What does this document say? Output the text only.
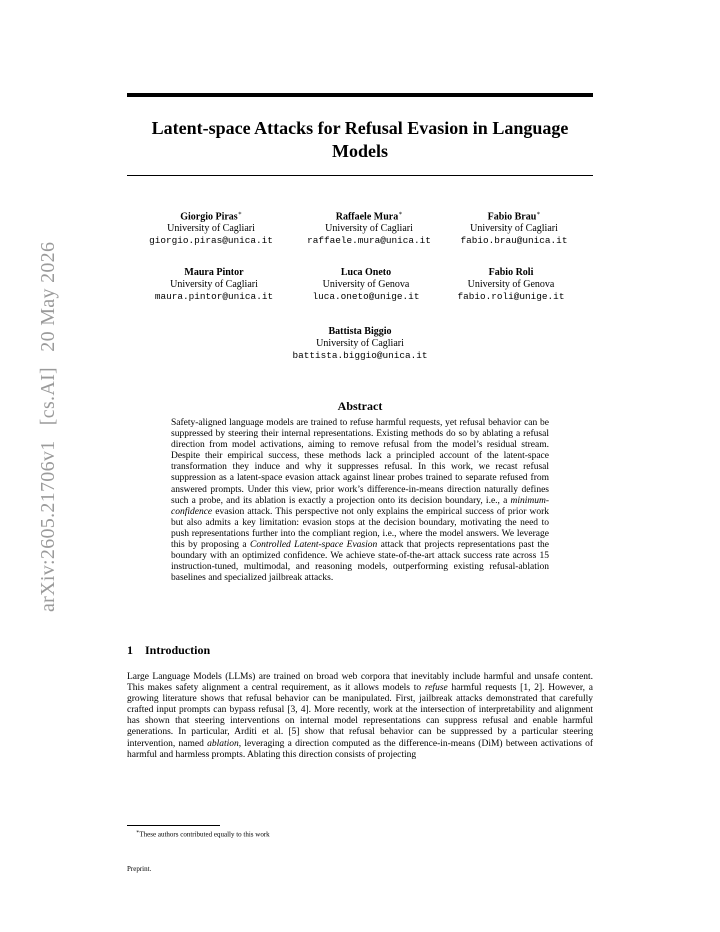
arXiv:2605.21706v1 [cs.AI] 20 May 2026
Latent-space Attacks for Refusal Evasion in Language
Models
Giorgio Piras∗
University of Cagliari
giorgio.piras@unica.it
Raffaele Mura∗
University of Cagliari
raffaele.mura@unica.it
Fabio Brau∗
University of Cagliari
fabio.brau@unica.it
Maura Pintor
University of Cagliari
maura.pintor@unica.it
Luca Oneto
University of Genova
luca.oneto@unige.it
Fabio Roli
University of Genova
fabio.roli@unige.it
Battista Biggio
University of Cagliari
battista.biggio@unica.it
Abstract
Safety-aligned language models are trained to refuse harmful requests, yet refusal behavior can be suppressed by steering their internal representations. Existing methods do so by ablating a refusal direction from model activations, aiming to remove refusal from the model’s residual stream. Despite their empirical success, these methods lack a principled account of the latent-space transformation they induce and why it suppresses refusal. In this work, we recast refusal suppression as a latent-space evasion attack against linear probes trained to separate refused from answered prompts. Under this view, prior work’s difference-in-means direction naturally defines such a probe, and its ablation is exactly a projection onto its decision boundary, i.e., a minimum-confidence evasion attack. This perspective not only explains the empirical success of prior work but also admits a key limitation: evasion stops at the decision boundary, motivating the need to push representations further into the compliant region, i.e., where the model answers. We leverage this by proposing a Controlled Latent-space Evasion attack that projects representations past the boundary with an optimized confidence. We achieve state-of-the-art attack success rate across 15 instruction-tuned, multimodal, and reasoning models, outperforming existing refusal-ablation baselines and specialized jailbreak attacks.
1 Introduction
Large Language Models (LLMs) are trained on broad web corpora that inevitably include harmful and unsafe content. This makes safety alignment a central requirement, as it allows models to refuse harmful requests [1, 2]. However, a growing literature shows that refusal behavior can be manipulated. First, jailbreak attacks demonstrated that carefully crafted input prompts can bypass refusal [3, 4]. More recently, work at the intersection of interpretability and alignment has shown that steering interventions on internal model representations can suppress refusal and enable harmful generations. In particular, Arditi et al. [5] show that refusal behavior can be suppressed by a particular steering intervention, named ablation, leveraging a direction computed as the difference-in-means (DiM) between activations of harmful and harmless prompts. Ablating this direction consists of projecting
∗These authors contributed equally to this work
Preprint.
